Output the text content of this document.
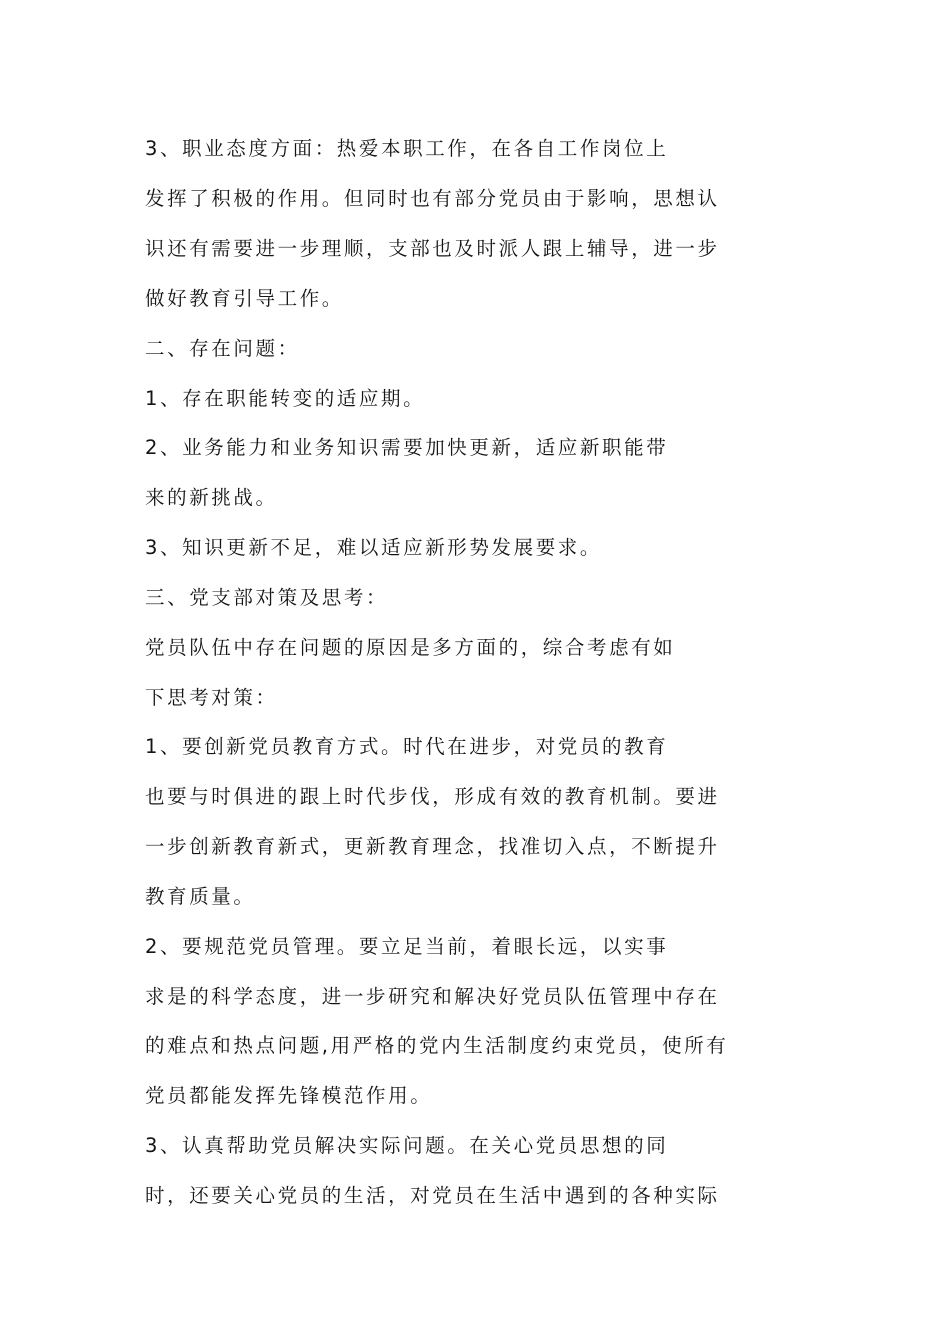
3、职业态度方面：热爱本职工作，在各自工作岗位上
发挥了积极的作用。但同时也有部分党员由于影响，思想认
识还有需要进一步理顺，支部也及时派人跟上辅导，进一步
做好教育引导工作。
二、存在问题：
1、存在职能转变的适应期。
2、业务能力和业务知识需要加快更新，适应新职能带
来的新挑战。
3、知识更新不足，难以适应新形势发展要求。
三、党支部对策及思考：
党员队伍中存在问题的原因是多方面的，综合考虑有如
下思考对策：
1、要创新党员教育方式。时代在进步，对党员的教育
也要与时俱进的跟上时代步伐，形成有效的教育机制。要进
一步创新教育新式，更新教育理念，找准切入点，不断提升
教育质量。
2、要规范党员管理。要立足当前，着眼长远，以实事
求是的科学态度，进一步研究和解决好党员队伍管理中存在
的难点和热点问题,用严格的党内生活制度约束党员，使所有
党员都能发挥先锋模范作用。
3、认真帮助党员解决实际问题。在关心党员思想的同
时，还要关心党员的生活，对党员在生活中遇到的各种实际
